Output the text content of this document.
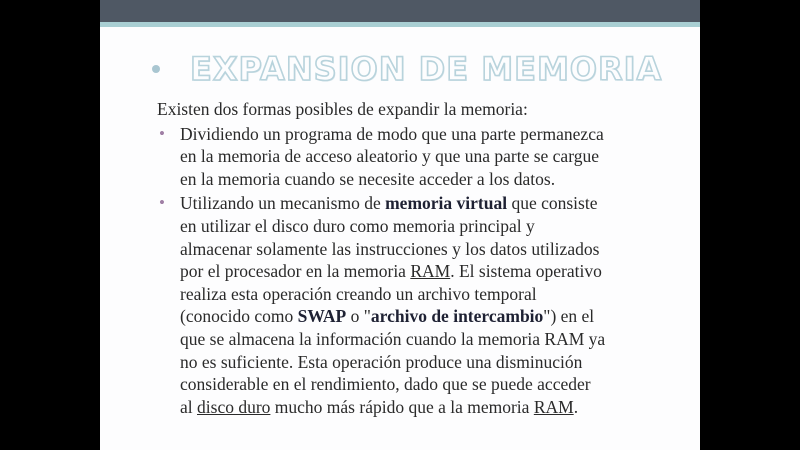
EXPANSION DE MEMORIA

Existen dos formas posibles de expandir la memoria:

• Dividiendo un programa de modo que una parte permanezca
en la memoria de acceso aleatorio y que una parte se cargue
en la memoria cuando se necesite acceder a los datos.
• Utilizando un mecanismo de memoria virtual que consiste
en utilizar el disco duro como memoria principal y
almacenar solamente las instrucciones y los datos utilizados
por el procesador en la memoria RAM. El sistema operativo
realiza esta operación creando un archivo temporal
(conocido como SWAP o "archivo de intercambio") en el
que se almacena la información cuando la memoria RAM ya
no es suficiente. Esta operación produce una disminución
considerable en el rendimiento, dado que se puede acceder
al disco duro mucho más rápido que a la memoria RAM.
